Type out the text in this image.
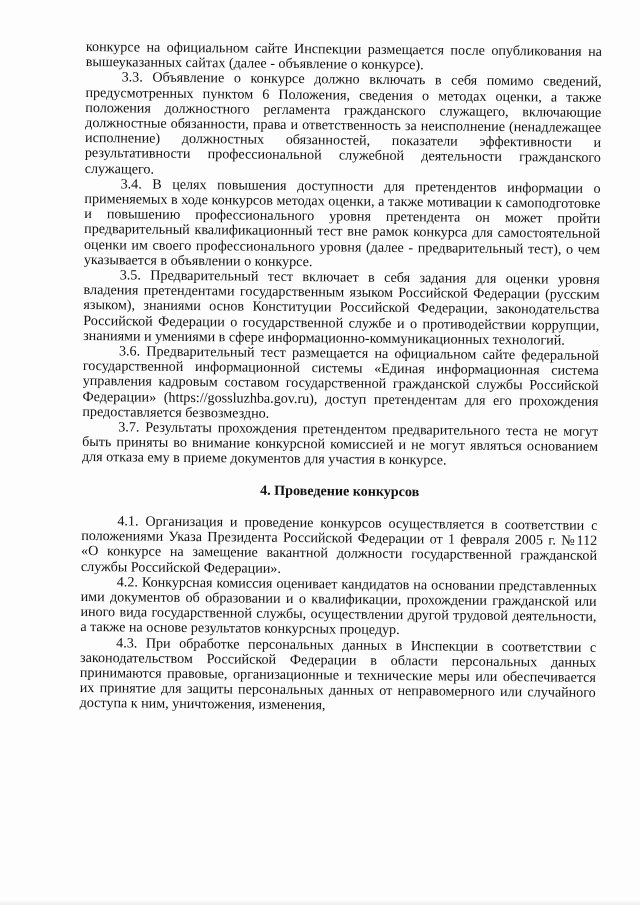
конкурсе на официальном сайте Инспекции размещается после опубликования на вышеуказанных сайтах (далее - объявление о конкурсе).

3.3. Объявление о конкурсе должно включать в себя помимо сведений, предусмотренных пунктом 6 Положения, сведения о методах оценки, а также положения должностного регламента гражданского служащего, включающие должностные обязанности, права и ответственность за неисполнение (ненадлежащее исполнение) должностных обязанностей, показатели эффективности и результативности профессиональной служебной деятельности гражданского служащего.

3.4. В целях повышения доступности для претендентов информации о применяемых в ходе конкурсов методах оценки, а также мотивации к самоподготовке и повышению профессионального уровня претендента он может пройти предварительный квалификационный тест вне рамок конкурса для самостоятельной оценки им своего профессионального уровня (далее - предварительный тест), о чем указывается в объявлении о конкурсе.

3.5. Предварительный тест включает в себя задания для оценки уровня владения претендентами государственным языком Российской Федерации (русским языком), знаниями основ Конституции Российской Федерации, законодательства Российской Федерации о государственной службе и о противодействии коррупции, знаниями и умениями в сфере информационно-коммуникационных технологий.

3.6. Предварительный тест размещается на официальном сайте федеральной государственной информационной системы «Единая информационная система управления кадровым составом государственной гражданской службы Российской Федерации» (https://gossluzhba.gov.ru), доступ претендентам для его прохождения предоставляется безвозмездно.

3.7. Результаты прохождения претендентом предварительного теста не могут быть приняты во внимание конкурсной комиссией и не могут являться основанием для отказа ему в приеме документов для участия в конкурсе.

4. Проведение конкурсов

4.1. Организация и проведение конкурсов осуществляется в соответствии с положениями Указа Президента Российской Федерации от 1 февраля 2005 г. №112 «О конкурсе на замещение вакантной должности государственной гражданской службы Российской Федерации».

4.2. Конкурсная комиссия оценивает кандидатов на основании представленных ими документов об образовании и о квалификации, прохождении гражданской или иного вида государственной службы, осуществлении другой трудовой деятельности, а также на основе результатов конкурсных процедур.

4.3. При обработке персональных данных в Инспекции в соответствии с законодательством Российской Федерации в области персональных данных принимаются правовые, организационные и технические меры или обеспечивается их принятие для защиты персональных данных от неправомерного или случайного доступа к ним, уничтожения, изменения,
